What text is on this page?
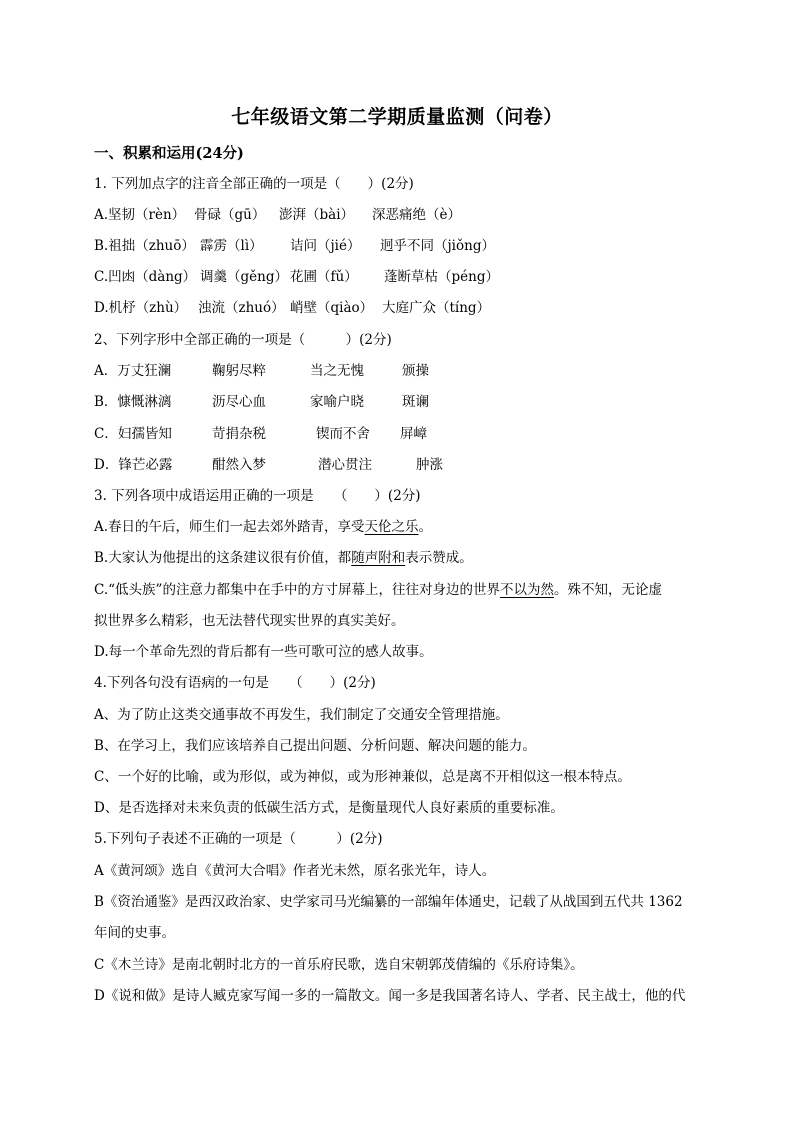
七年级语文第二学期质量监测（问卷）
一、积累和运用(24分)
1. 下列加点字的注音全部正确的一项是（　　）(2分)
A.坚韧（rèn） 骨碌（gū） 澎湃（bài） 深恶痛绝（è）
B.祖拙（zhuō） 霹雳（lì） 诘问（jié） 迥乎不同（jiǒng）
C.凹凼（dàng） 调羹（gěng） 花圃（fǔ） 蓬断草枯（péng）
D.机杼（zhù） 浊流（zhuó） 峭壁（qiào） 大庭广众（tíng）
2、下列字形中全部正确的一项是（　　　）(2分)
A．万丈狂澜	鞠躬尽粹	当之无愧	颁操
B．慷慨淋漓	沥尽心血	家喻户晓	斑谰
C．妇孺皆知	苛捐杂税	锲而不舍 屏嶂
D．锋芒必露	酣然入梦	潜心贯注	肿涨
3. 下列各项中成语运用正确的一项是　　（　　）(2分)
A.春日的午后，师生们一起去郊外踏青，享受天伦之乐。
B.大家认为他提出的这条建议很有价值，都随声附和表示赞成。
C.“低头族”的注意力都集中在手中的方寸屏幕上，往往对身边的世界不以为然。殊不知，无论虚
拟世界多么精彩，也无法替代现实世界的真实美好。
D.每一个革命先烈的背后都有一些可歌可泣的感人故事。
4.下列各句没有语病的一句是　　（　　）(2分)
A、为了防止这类交通事故不再发生，我们制定了交通安全管理措施。
B、在学习上，我们应该培养自己提出问题、分析问题、解决问题的能力。
C、一个好的比喻，或为形似，或为神似，或为形神兼似，总是离不开相似这一根本特点。
D、是否选择对未来负责的低碳生活方式，是衡量现代人良好素质的重要标准。
5.下列句子表述不正确的一项是（　　　）(2分)
A《黄河颂》选自《黄河大合唱》作者光未然，原名张光年，诗人。
B《资治通鉴》是西汉政治家、史学家司马光编纂的一部编年体通史，记载了从战国到五代共 1362
年间的史事。
C《木兰诗》是南北朝时北方的一首乐府民歌，选自宋朝郭茂倩编的《乐府诗集》。
D《说和做》是诗人臧克家写闻一多的一篇散文。闻一多是我国著名诗人、学者、民主战士，他的代
